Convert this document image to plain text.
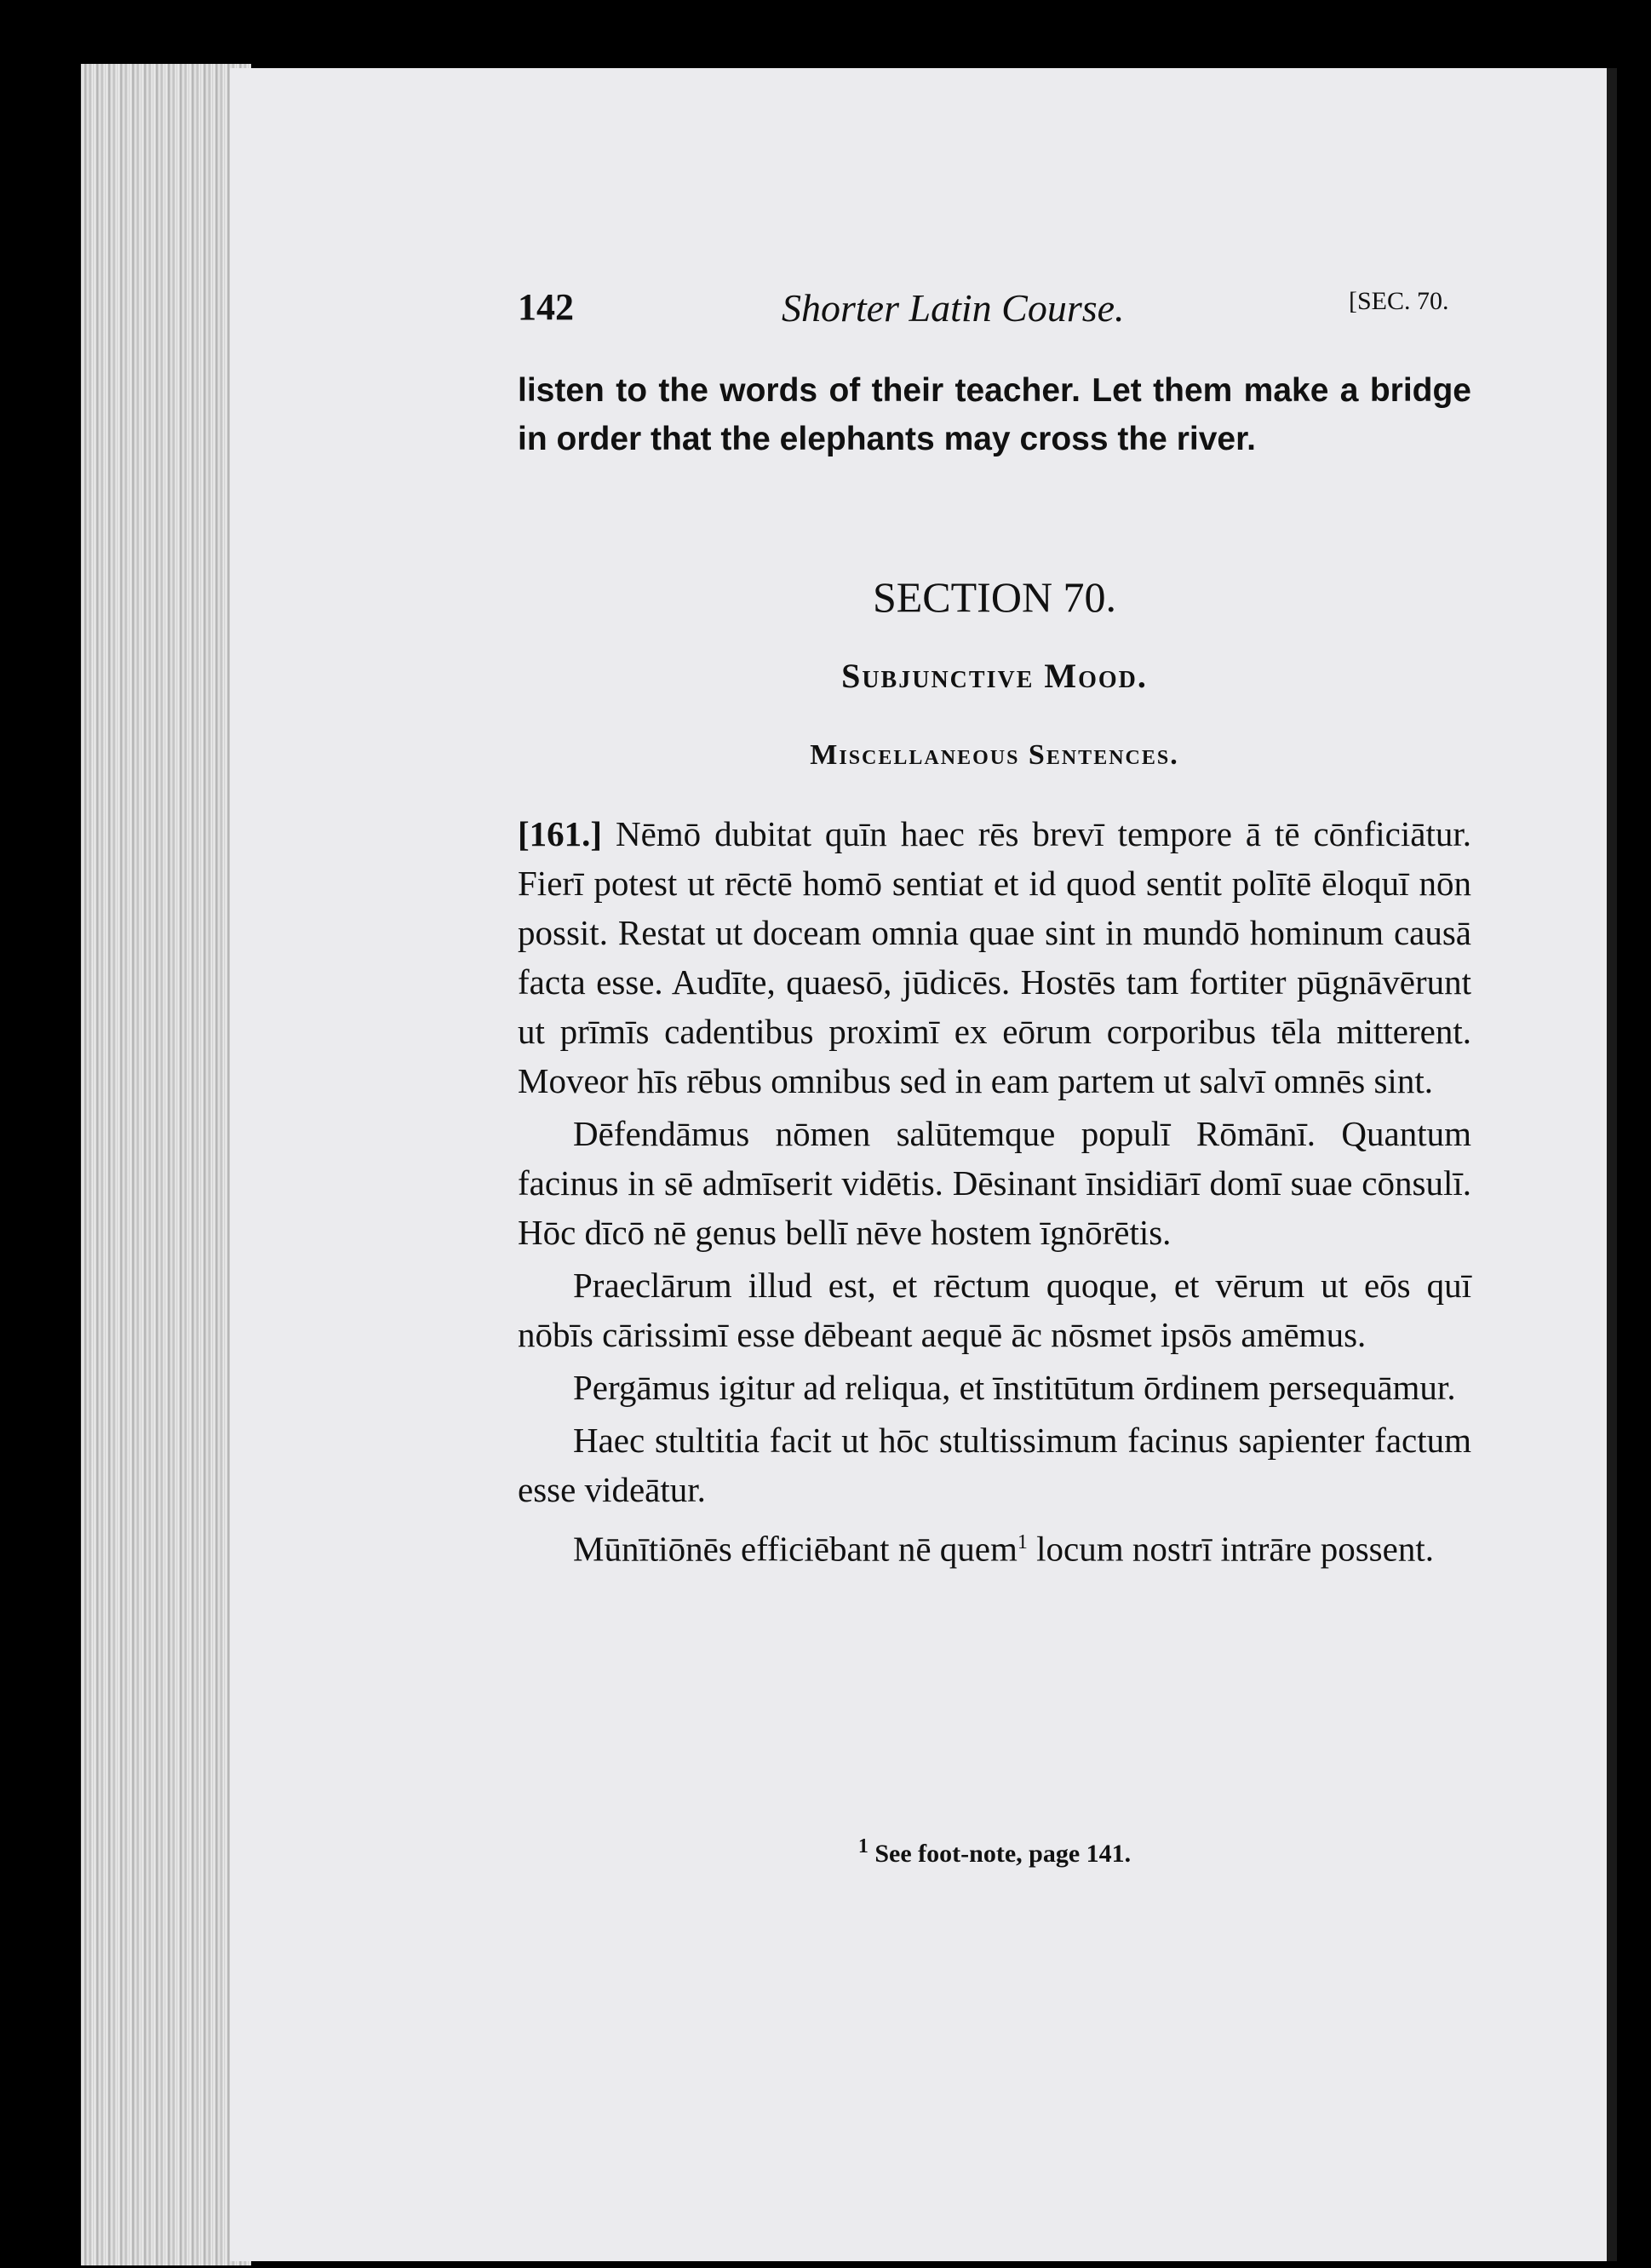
142	Shorter Latin Course.	[SEC. 70.
listen to the words of their teacher. Let them make a bridge in order that the elephants may cross the river.
SECTION 70.
Subjunctive Mood.
Miscellaneous Sentences.

[161.] Nēmō dubitat quīn haec rēs brevī tempore ā tē cōnficiātur. Fierī potest ut rēctē homō sentiat et id quod sentit polītē ēloquī nōn possit. Restat ut doceam omnia quae sint in mundō hominum causā facta esse. Audīte, quaesō, jūdicēs. Hostēs tam fortiter pūgnāvērunt ut prīmīs cadentibus proximī ex eōrum corporibus tēla mitterent. Moveor hīs rēbus omnibus sed in eam partem ut salvī omnēs sint.

Dēfendāmus nōmen salūtemque populī Rōmānī. Quantum facinus in sē admīserit vidētis. Dēsinant īnsidiārī domī suae cōnsulī. Hōc dīcō nē genus bellī nēve hostem īgnōrētis.

Praeclārum illud est, et rēctum quoque, et vērum ut eōs quī nōbīs cārissimī esse dēbeant aequē āc nōsmet ipsōs amēmus.

Pergāmus igitur ad reliqua, et īnstitūtum ōrdinem persequāmur.

Haec stultitia facit ut hōc stultissimum facinus sapienter factum esse videātur.

Mūnītiōnēs efficiēbant nē quem$^1$ locum nostrī intrāre possent.

$^1$ See foot-note, page 141.
